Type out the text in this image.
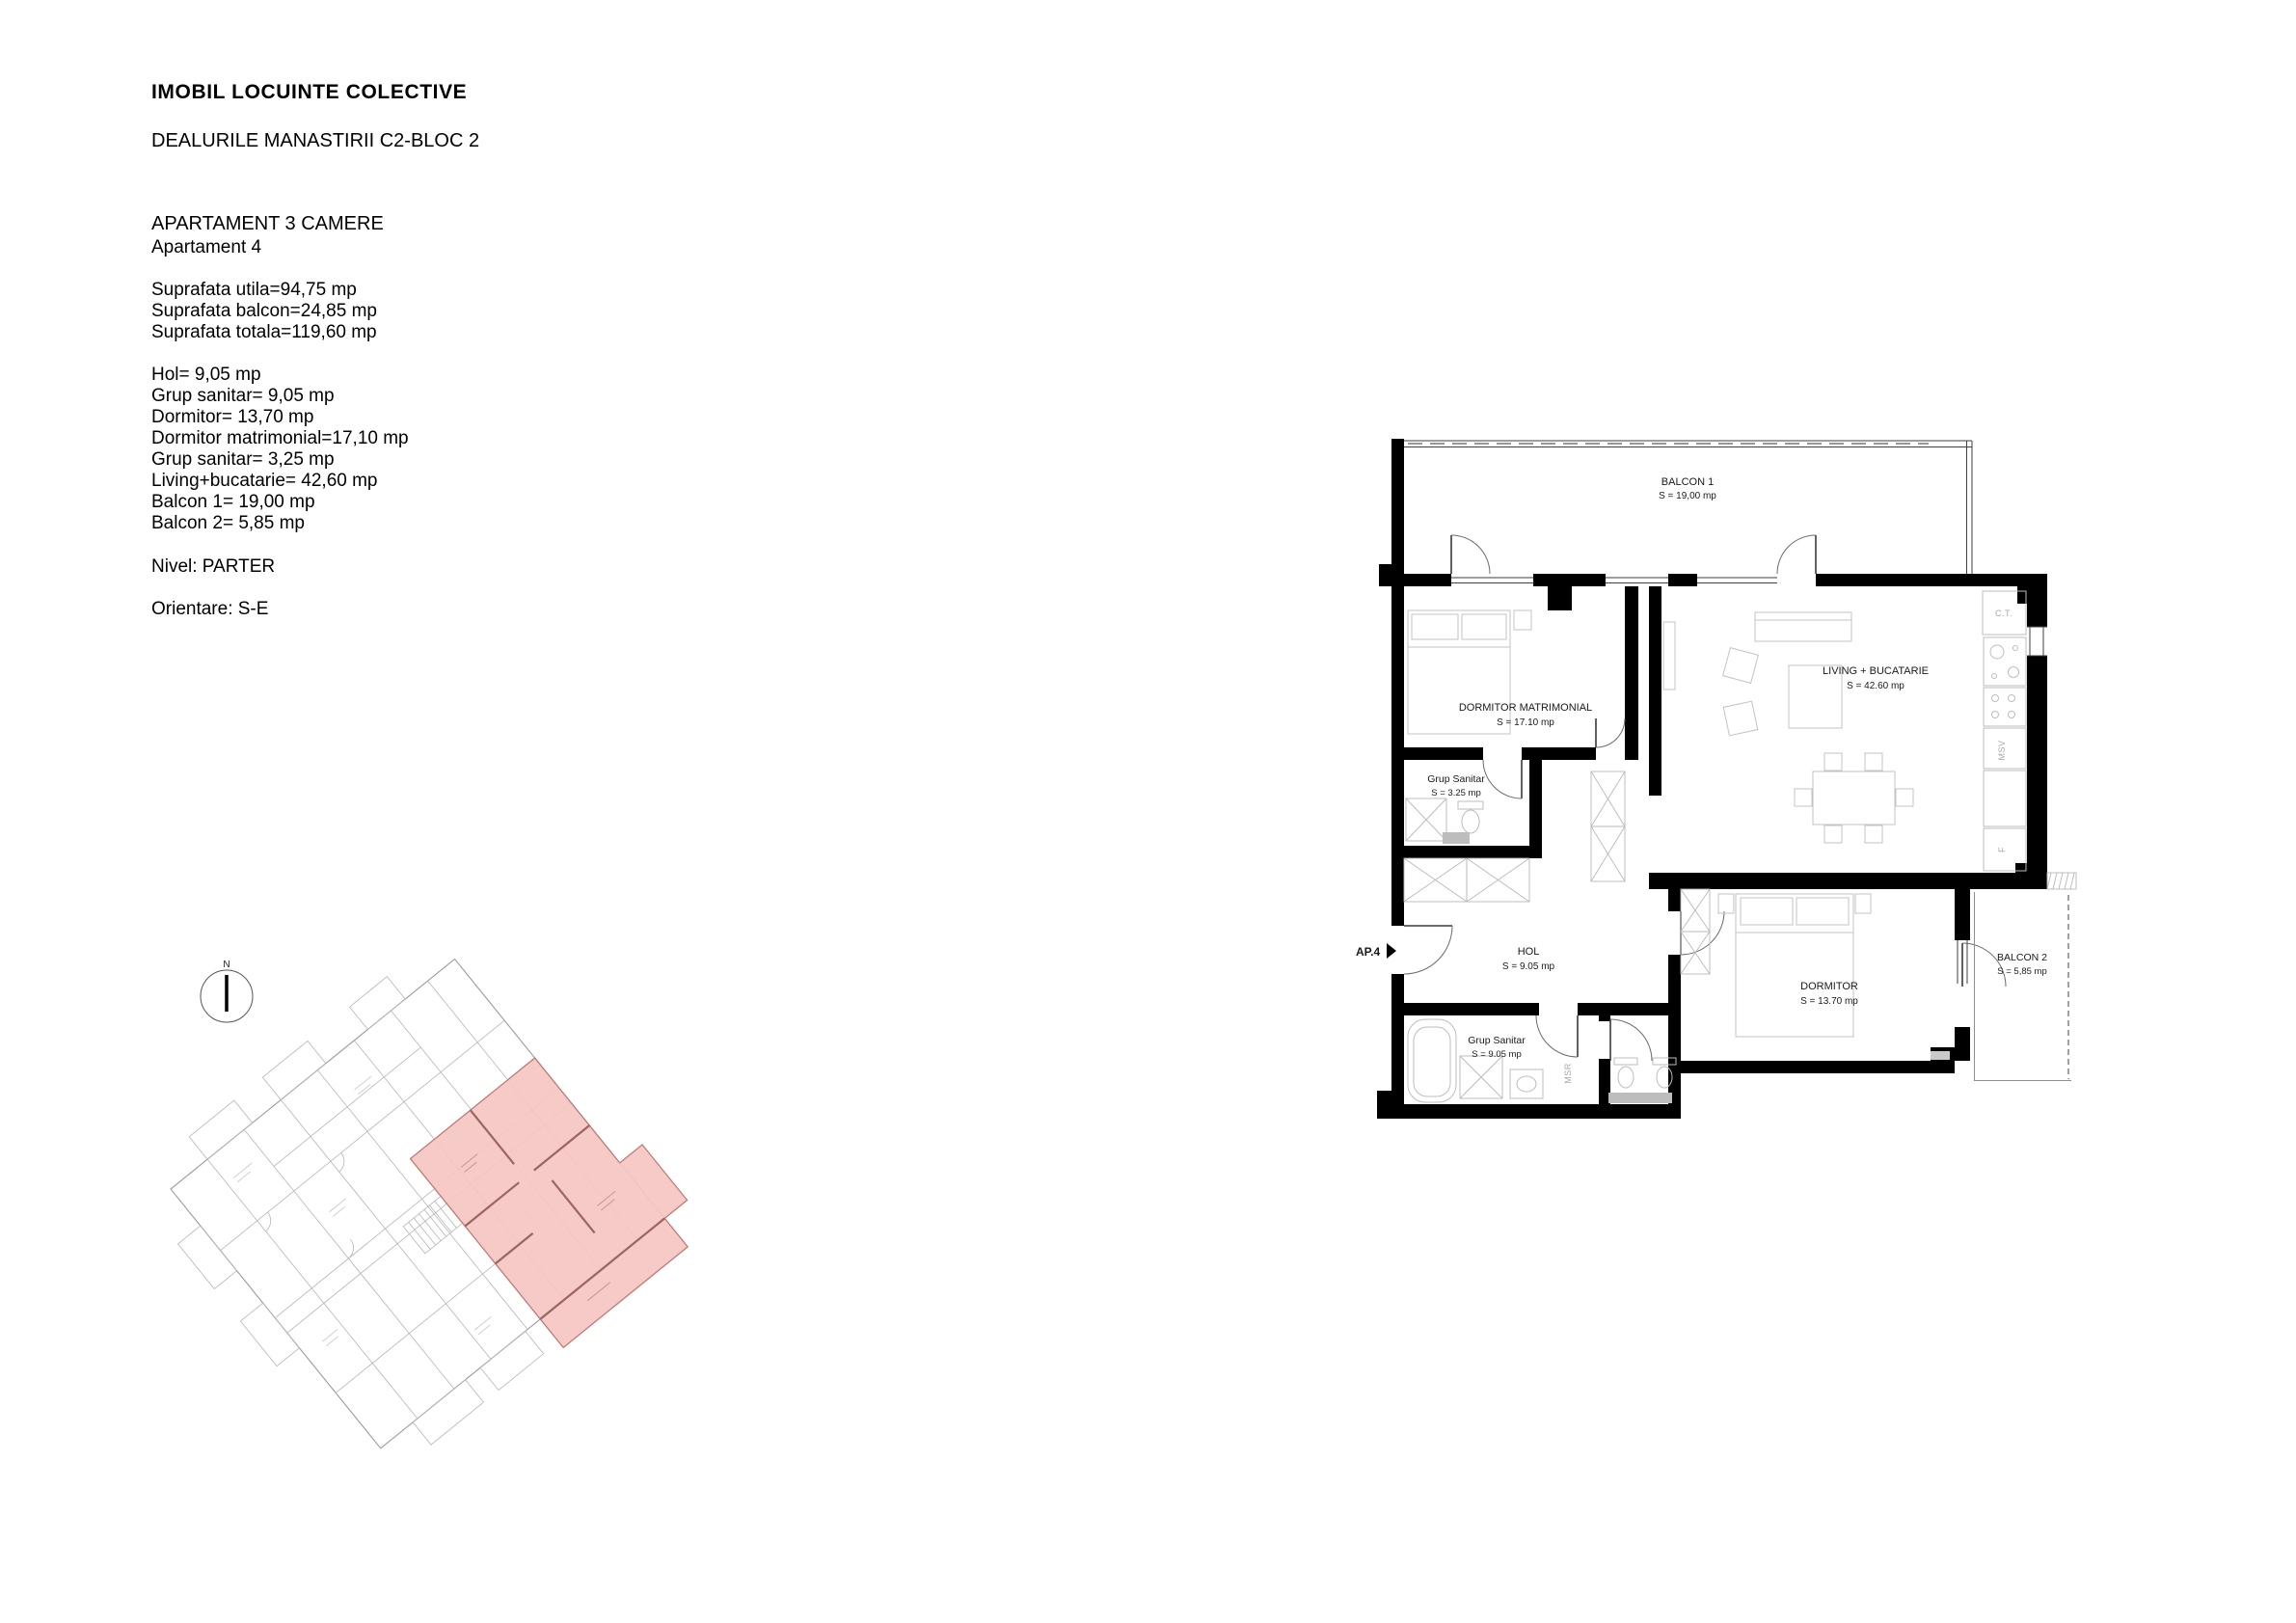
IMOBIL LOCUINTE COLECTIVE
DEALURILE MANASTIRII C2-BLOC 2
APARTAMENT 3 CAMERE
Apartament 4
Suprafata utila=94,75 mp
Suprafata balcon=24,85 mp
Suprafata totala=119,60 mp
Hol= 9,05 mp
Grup sanitar= 9,05 mp
Dormitor= 13,70 mp
Dormitor matrimonial=17,10 mp
Grup sanitar= 3,25 mp
Living+bucatarie= 42,60 mp
Balcon 1= 19,00 mp
Balcon 2= 5,85 mp
Nivel: PARTER
Orientare: S-E
BALCON 1
S = 19,00 mp
DORMITOR MATRIMONIAL
S = 17.10 mp
LIVING + BUCATARIE
S = 42.60 mp
Grup Sanitar
S = 3.25 mp
HOL
S = 9.05 mp
Grup Sanitar
S = 9.05 mp
DORMITOR
S = 13.70 mp
BALCON 2
S = 5,85 mp
C.T.
MSV
F
MSR
AP.4
N
